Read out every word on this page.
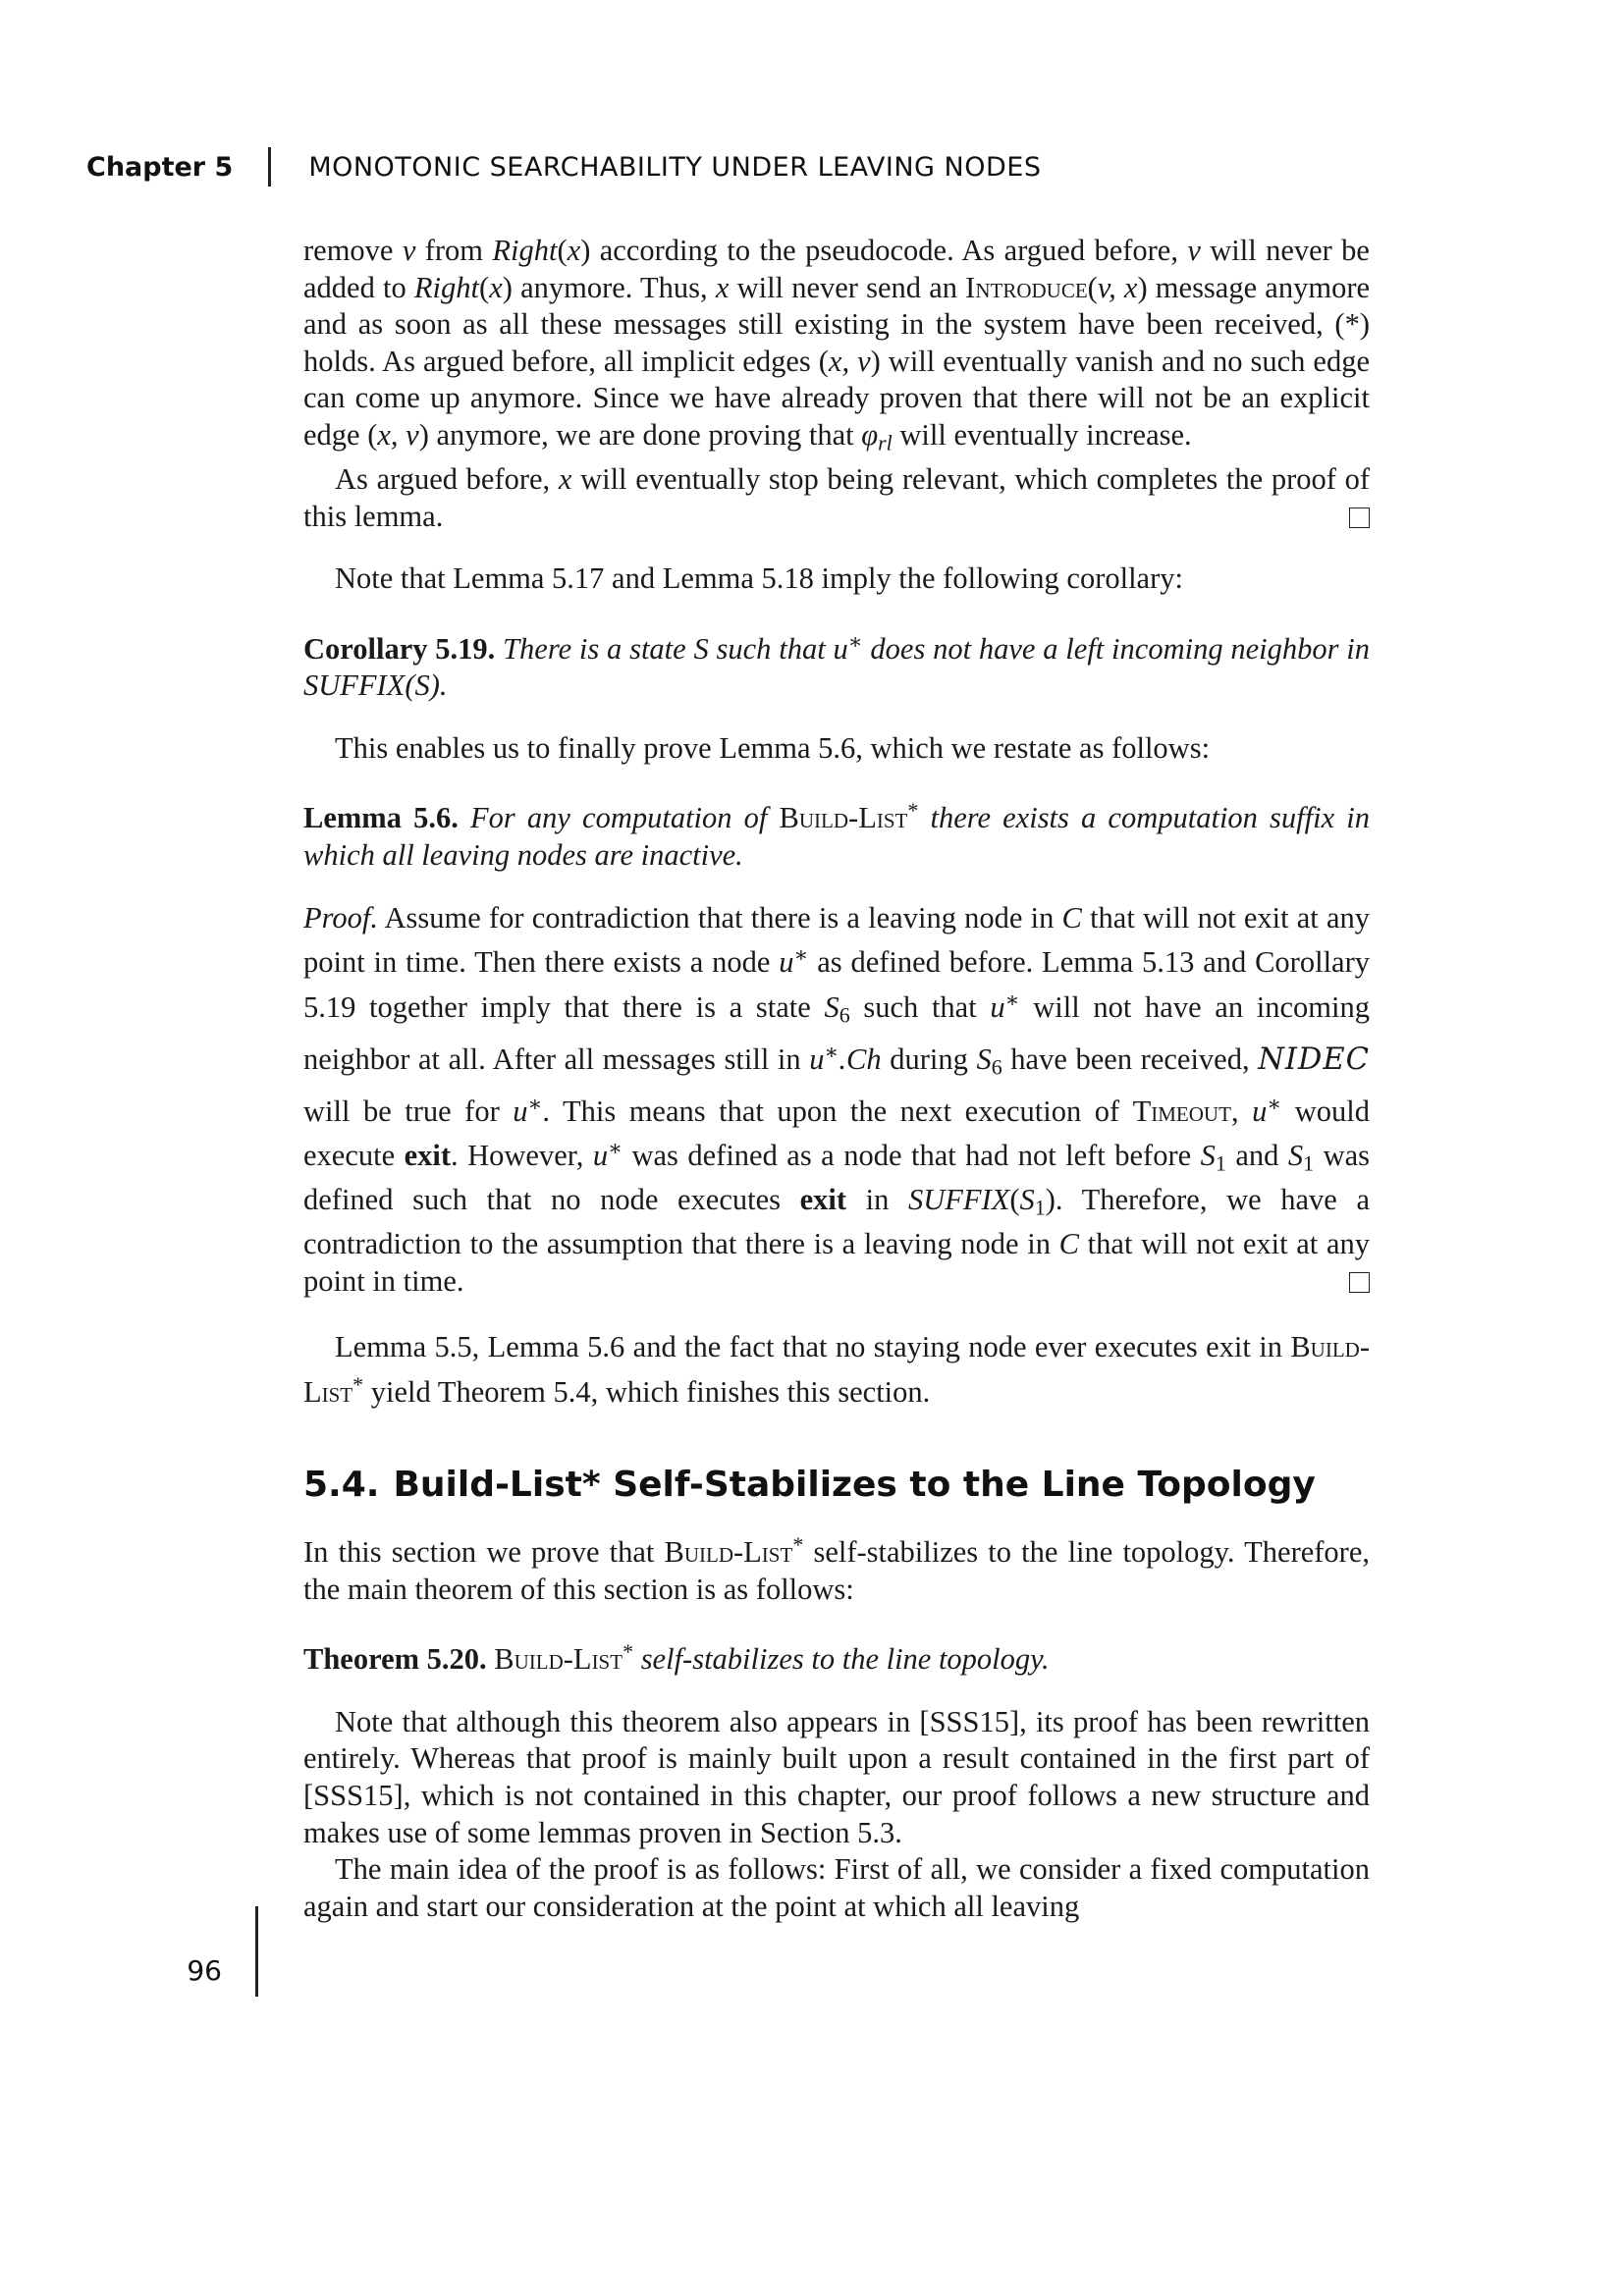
Chapter 5	MONOTONIC SEARCHABILITY UNDER LEAVING NODES

remove v from Right(x) according to the pseudocode. As argued before, v will never be added to Right(x) anymore. Thus, x will never send an Introduce(v, x) message anymore and as soon as all these messages still existing in the system have been received, (*) holds. As argued before, all implicit edges (x, v) will eventually vanish and no such edge can come up anymore. Since we have already proven that there will not be an explicit edge (x, v) anymore, we are done proving that $\varphi_{rl}$ will eventually increase.

As argued before, x will eventually stop being relevant, which completes the proof of this lemma.

Note that Lemma 5.17 and Lemma 5.18 imply the following corollary:

Corollary 5.19. There is a state S such that u∗ does not have a left incoming neighbor in SUFFIX(S).

This enables us to finally prove Lemma 5.6, which we restate as follows:

Lemma 5.6. For any computation of Build-List* there exists a computation suffix in which all leaving nodes are inactive.

Proof. Assume for contradiction that there is a leaving node in C that will not exit at any point in time. Then there exists a node u∗ as defined before. Lemma 5.13 and Corollary 5.19 together imply that there is a state $S_6$ such that u∗ will not have an incoming neighbor at all. After all messages still in u∗.Ch during $S_6$ have been received, NIDEC will be true for u∗. This means that upon the next execution of Timeout, u∗ would execute exit. However, u∗ was defined as a node that had not left before $S_1$ and $S_1$ was defined such that no node executes exit in $SUFFIX(S_1)$. Therefore, we have a contradiction to the assumption that there is a leaving node in C that will not exit at any point in time.

Lemma 5.5, Lemma 5.6 and the fact that no staying node ever executes exit in Build-List* yield Theorem 5.4, which finishes this section.

5.4. Build-List* Self-Stabilizes to the Line Topology

In this section we prove that Build-List* self-stabilizes to the line topology. Therefore, the main theorem of this section is as follows:

Theorem 5.20. Build-List* self-stabilizes to the line topology.

Note that although this theorem also appears in [SSS15], its proof has been rewritten entirely. Whereas that proof is mainly built upon a result contained in the first part of [SSS15], which is not contained in this chapter, our proof follows a new structure and makes use of some lemmas proven in Section 5.3.

The main idea of the proof is as follows: First of all, we consider a fixed computation again and start our consideration at the point at which all leaving

96
